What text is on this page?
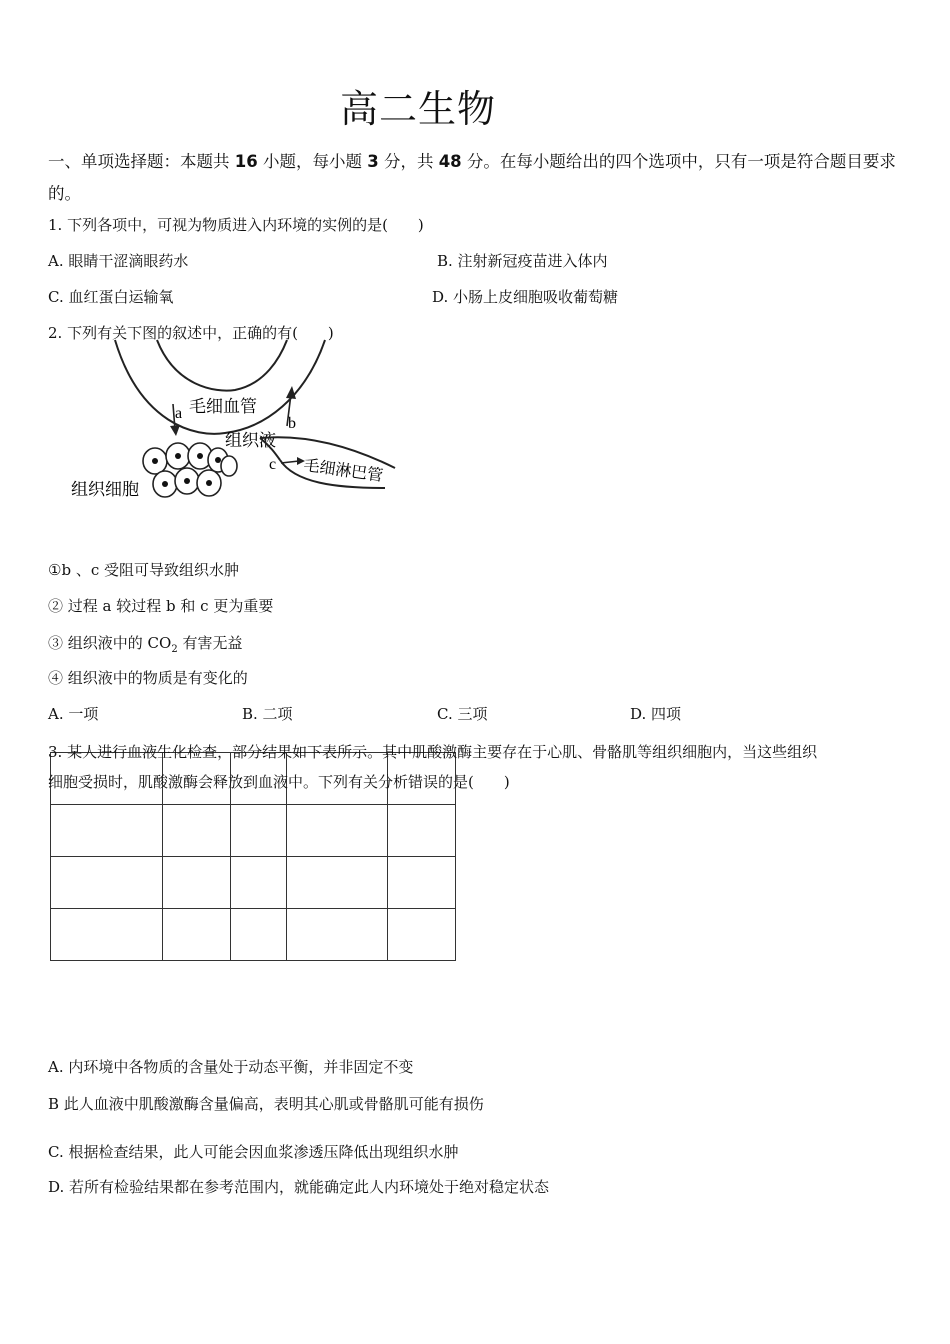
高二生物
一、单项选择题：本题共 16 小题，每小题 3 分，共 48 分。在每小题给出的四个选项中，只有一项是符合题目要求的。
1. 下列各项中，可视为物质进入内环境的实例的是(　　)
A. 眼睛干涩滴眼药水	B. 注射新冠疫苗进入体内
C. 血红蛋白运输氧	D. 小肠上皮细胞吸收葡萄糖
2. 下列有关下图的叙述中，正确的有(　　)
a
b
毛细血管
组织液
c 毛细淋巴管
组织细胞
①b 、c 受阻可导致组织水肿
② 过程 a 较过程 b 和 c 更为重要
③ 组织液中的 $CO_2$ 有害无益
④ 组织液中的物质是有变化的
A. 一项	B. 二项	C. 三项	D. 四项

3. 某人进行血液生化检查，部分结果如下表所示。其中肌酸激酶主要存在于心肌、骨骼肌等组织细胞内，当这些组织
细胞受损时，肌酸激酶会释放到血液中。下列有关分析错误的是(　　)
A. 内环境中各物质的含量处于动态平衡，并非固定不变
B 此人血液中肌酸激酶含量偏高，表明其心肌或骨骼肌可能有损伤
C. 根据检查结果，此人可能会因血浆渗透压降低出现组织水肿
D. 若所有检验结果都在参考范围内，就能确定此人内环境处于绝对稳定状态
